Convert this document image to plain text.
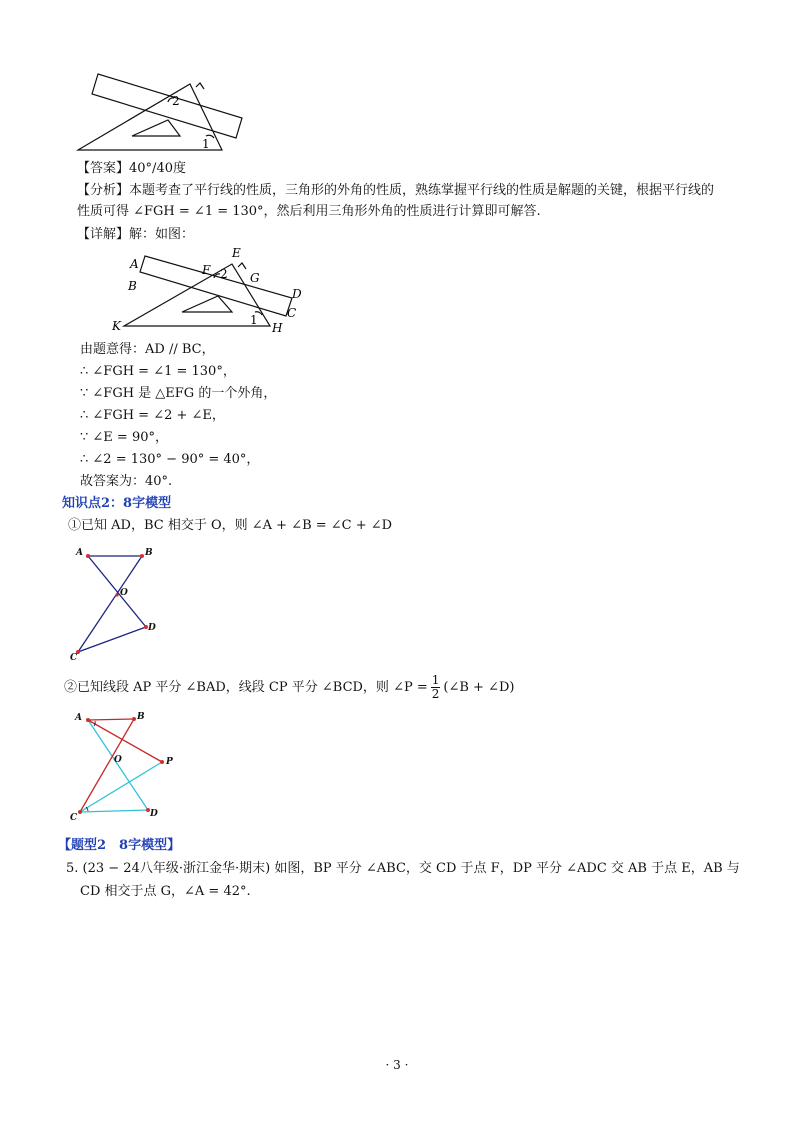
1
2
【答案】40°/40度
【分析】本题考查了平行线的性质，三角形的外角的性质，熟练掌握平行线的性质是解题的关键，根据平行线的
性质可得 ∠FGH = ∠1 = 130°，然后利用三角形外角的性质进行计算即可解答.
【详解】解：如图：
A
B
E
F
G
D
C
H
K	1
2
由题意得：AD // BC，
∴ ∠FGH = ∠1 = 130°，
∵ ∠FGH 是 △EFG 的一个外角，
∴ ∠FGH = ∠2 + ∠E，
∵ ∠E = 90°，
∴ ∠2 = 130° − 90° = 40°，
故答案为：40°.
知识点2：8字模型
①已知 AD，BC 相交于 O，则 ∠A + ∠B = ∠C + ∠D
A	B
O
C
D
②已知线段 AP 平分 ∠BAD，线段 CP 平分 ∠BCD，则 ∠P = $\frac{1}{2}$ (∠B + ∠D)
A	B
O	P
C	D
【题型2　8字模型】
5. (23 − 24八年级·浙江金华·期末) 如图，BP 平分 ∠ABC，交 CD 于点 F，DP 平分 ∠ADC 交 AB 于点 E，AB 与
CD 相交于点 G，∠A = 42°.
· 3 ·
